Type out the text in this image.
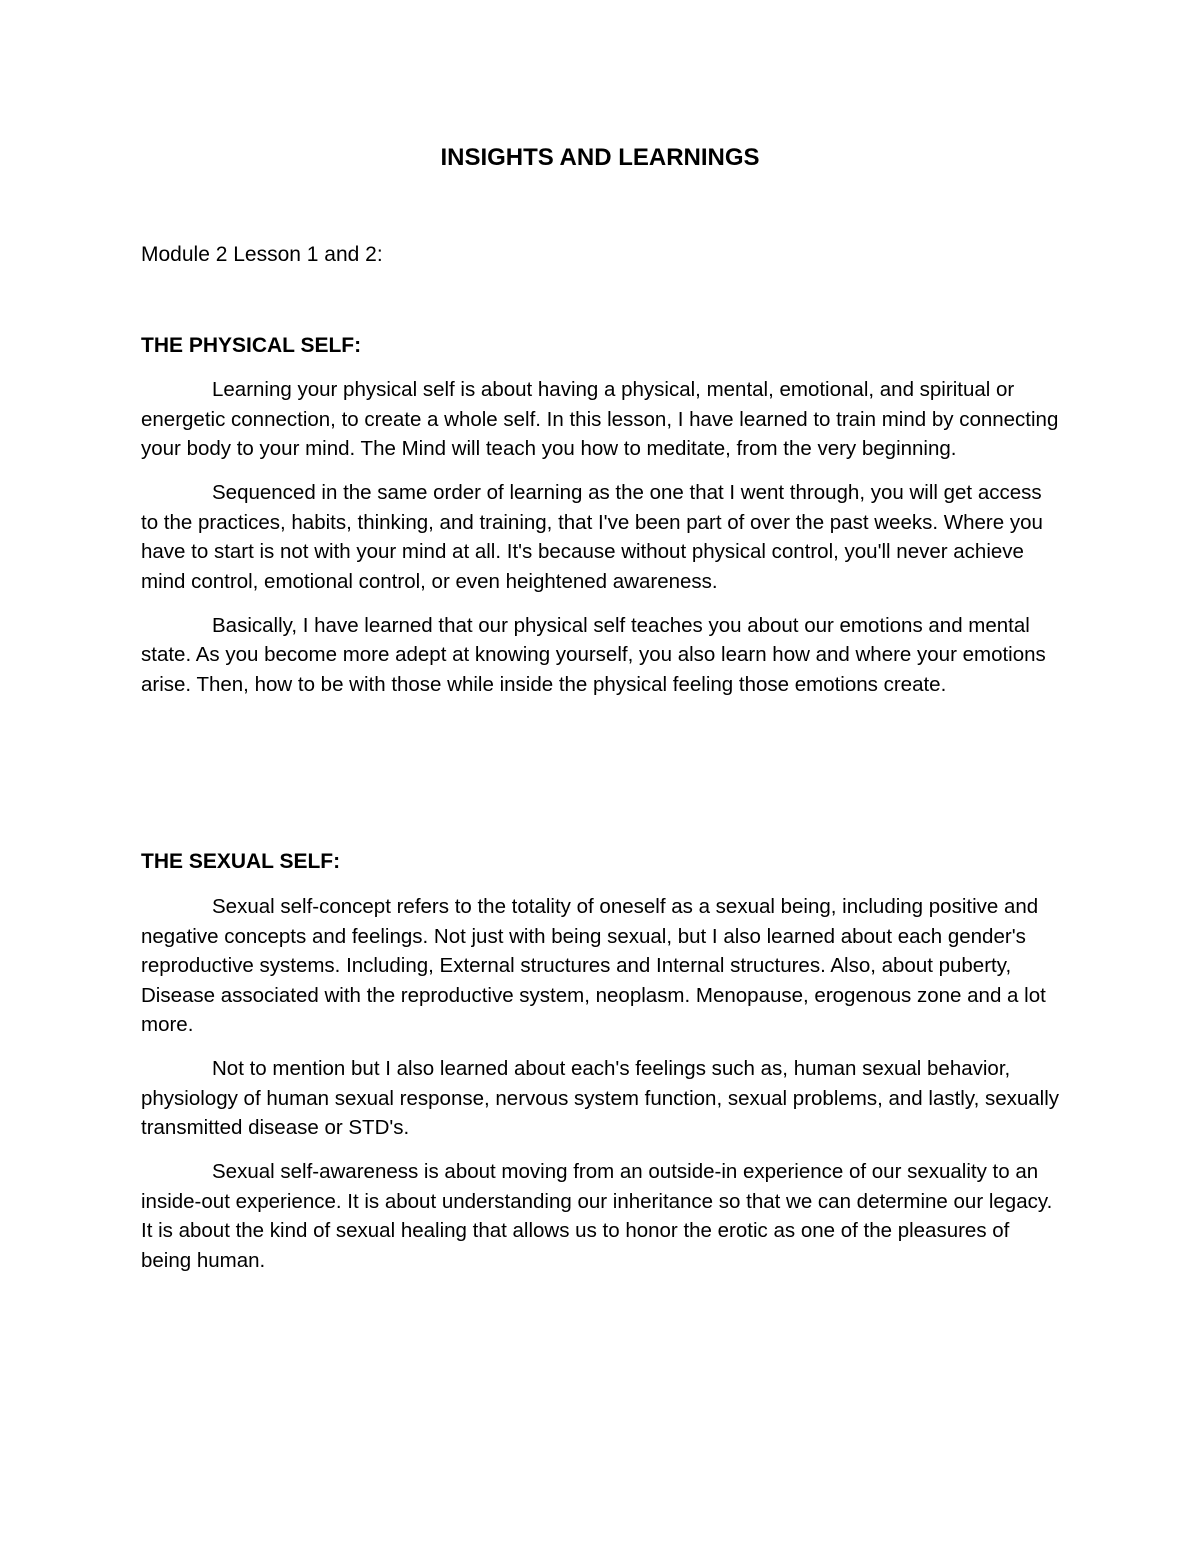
INSIGHTS AND LEARNINGS

Module 2 Lesson 1 and 2:

THE PHYSICAL SELF:

Learning your physical self is about having a physical, mental, emotional, and spiritual or energetic connection, to create a whole self. In this lesson, I have learned to train mind by connecting your body to your mind. The Mind will teach you how to meditate, from the very beginning.

Sequenced in the same order of learning as the one that I went through, you will get access to the practices, habits, thinking, and training, that I've been part of over the past weeks. Where you have to start is not with your mind at all. It's because without physical control, you'll never achieve mind control, emotional control, or even heightened awareness.

Basically, I have learned that our physical self teaches you about our emotions and mental state. As you become more adept at knowing yourself, you also learn how and where your emotions arise. Then, how to be with those while inside the physical feeling those emotions create.

THE SEXUAL SELF:

Sexual self-concept refers to the totality of oneself as a sexual being, including positive and negative concepts and feelings. Not just with being sexual, but I also learned about each gender's reproductive systems. Including, External structures and Internal structures. Also, about puberty, Disease associated with the reproductive system, neoplasm. Menopause, erogenous zone and a lot more.

Not to mention but I also learned about each's feelings such as, human sexual behavior, physiology of human sexual response, nervous system function, sexual problems, and lastly, sexually transmitted disease or STD's.

Sexual self-awareness is about moving from an outside-in experience of our sexuality to an inside-out experience. It is about understanding our inheritance so that we can determine our legacy. It is about the kind of sexual healing that allows us to honor the erotic as one of the pleasures of being human.
